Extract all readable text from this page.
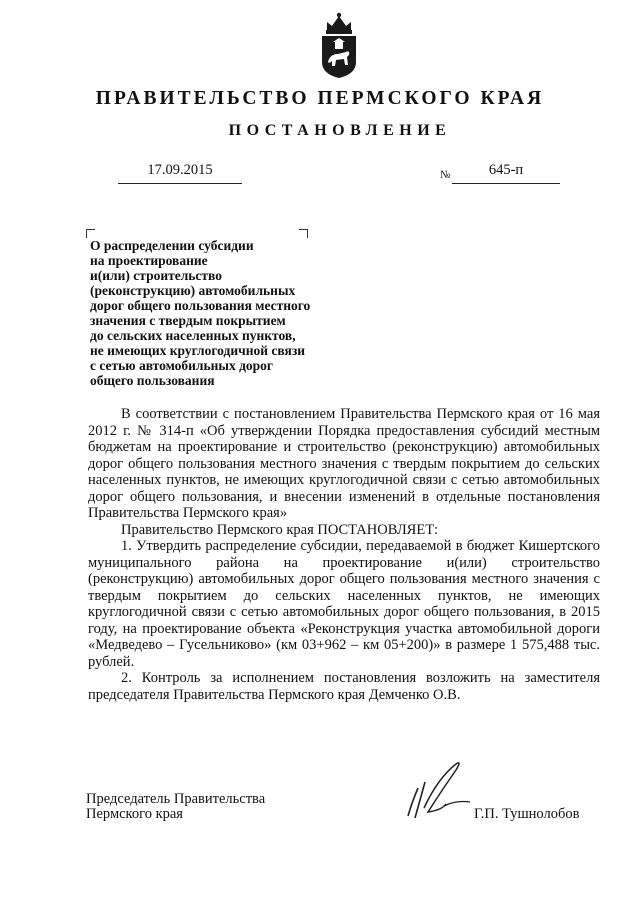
ПРАВИТЕЛЬСТВО ПЕРМСКОГО КРАЯ
ПОСТАНОВЛЕНИЕ
17.09.2015	№	645-п
О распределении субсидии
на проектирование
и(или) строительство
(реконструкцию) автомобильных
дорог общего пользования местного
значения с твердым покрытием
до сельских населенных пунктов,
не имеющих круглогодичной связи
с сетью автомобильных дорог
общего пользования

В соответствии с постановлением Правительства Пермского края от 16 мая 2012 г. № 314-п «Об утверждении Порядка предоставления субсидий местным бюджетам на проектирование и строительство (реконструкцию) автомобильных дорог общего пользования местного значения с твердым покрытием до сельских населенных пунктов, не имеющих круглогодичной связи с сетью автомобильных дорог общего пользования, и внесении изменений в отдельные постановления Правительства Пермского края»

Правительство Пермского края ПОСТАНОВЛЯЕТ:

1. Утвердить распределение субсидии, передаваемой в бюджет Кишертского муниципального района на проектирование и(или) строительство (реконструкцию) автомобильных дорог общего пользования местного значения с твердым покрытием до сельских населенных пунктов, не имеющих круглогодичной связи с сетью автомобильных дорог общего пользования, в 2015 году, на проектирование объекта «Реконструкция участка автомобильной дороги «Медведево – Гусельниково» (км 03+962 – км 05+200)» в размере 1 575,488 тыс. рублей.

2. Контроль за исполнением постановления возложить на заместителя председателя Правительства Пермского края Демченко О.В.

Председатель Правительства
Пермского края	Г.П. Тушнолобов
